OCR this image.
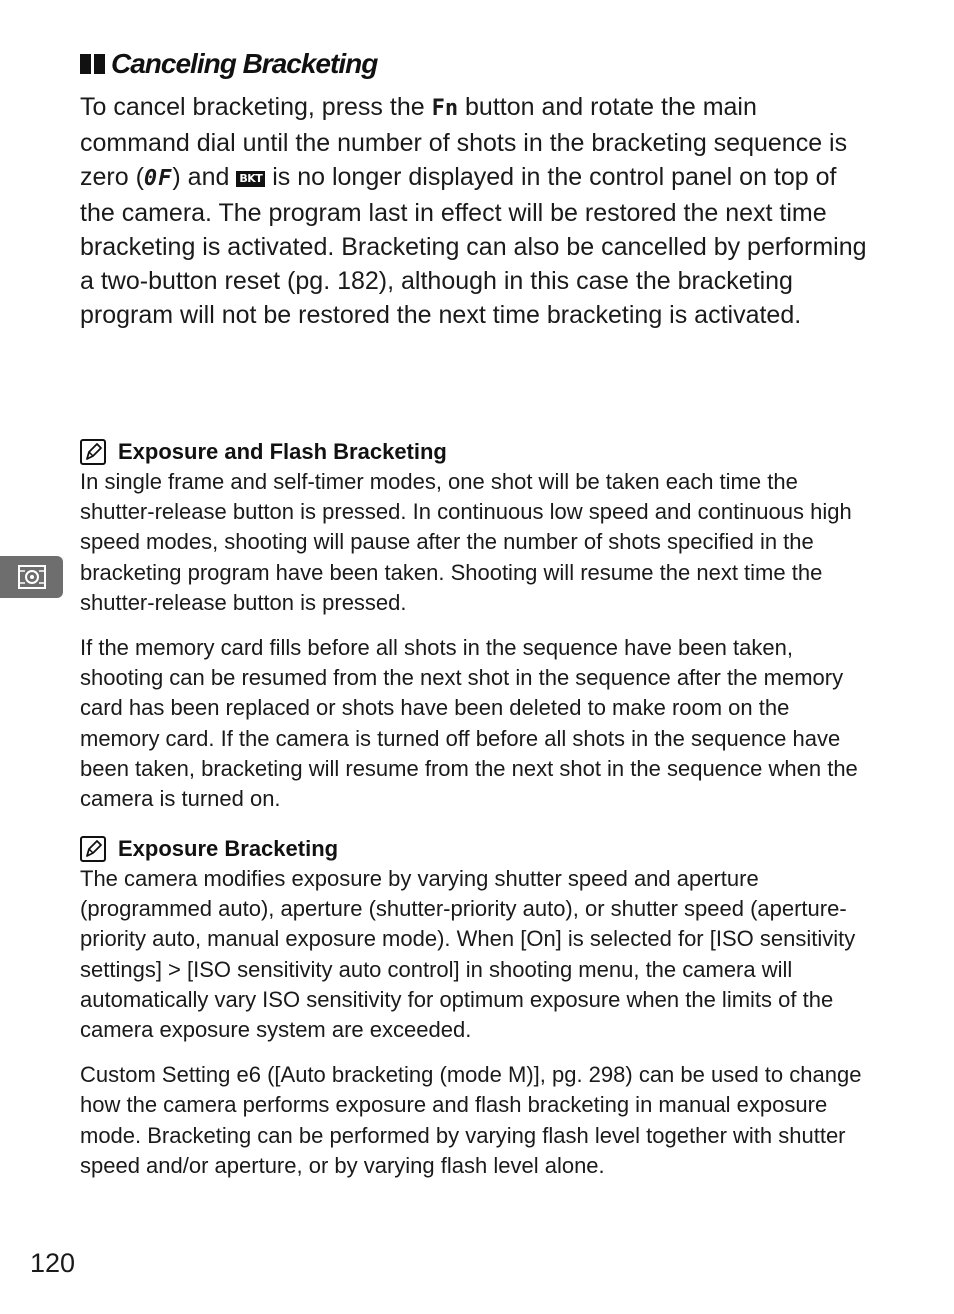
Canceling Bracketing

To cancel bracketing, press the Fn button and rotate the main command dial until the number of shots in the bracketing sequence is zero (0F) and BKT is no longer displayed in the control panel on top of the camera. The program last in effect will be restored the next time bracketing is activated. Bracketing can also be cancelled by performing a two-button reset (pg. 182), although in this case the bracketing program will not be restored the next time bracketing is activated.

Exposure and Flash Bracketing

In single frame and self-timer modes, one shot will be taken each time the shutter-release button is pressed. In continuous low speed and continuous high speed modes, shooting will pause after the number of shots specified in the bracketing program have been taken. Shooting will resume the next time the shutter-release button is pressed.

If the memory card fills before all shots in the sequence have been taken, shooting can be resumed from the next shot in the sequence after the memory card has been replaced or shots have been deleted to make room on the memory card. If the camera is turned off before all shots in the sequence have been taken, bracketing will resume from the next shot in the sequence when the camera is turned on.

Exposure Bracketing

The camera modifies exposure by varying shutter speed and aperture (programmed auto), aperture (shutter-priority auto), or shutter speed (aperture-priority auto, manual exposure mode). When [On] is selected for [ISO sensitivity settings] > [ISO sensitivity auto control] in shooting menu, the camera will automatically vary ISO sensitivity for optimum exposure when the limits of the camera exposure system are exceeded.

Custom Setting e6 ([Auto bracketing (mode M)], pg. 298) can be used to change how the camera performs exposure and flash bracketing in manual exposure mode. Bracketing can be performed by varying flash level together with shutter speed and/or aperture, or by varying flash level alone.

120
